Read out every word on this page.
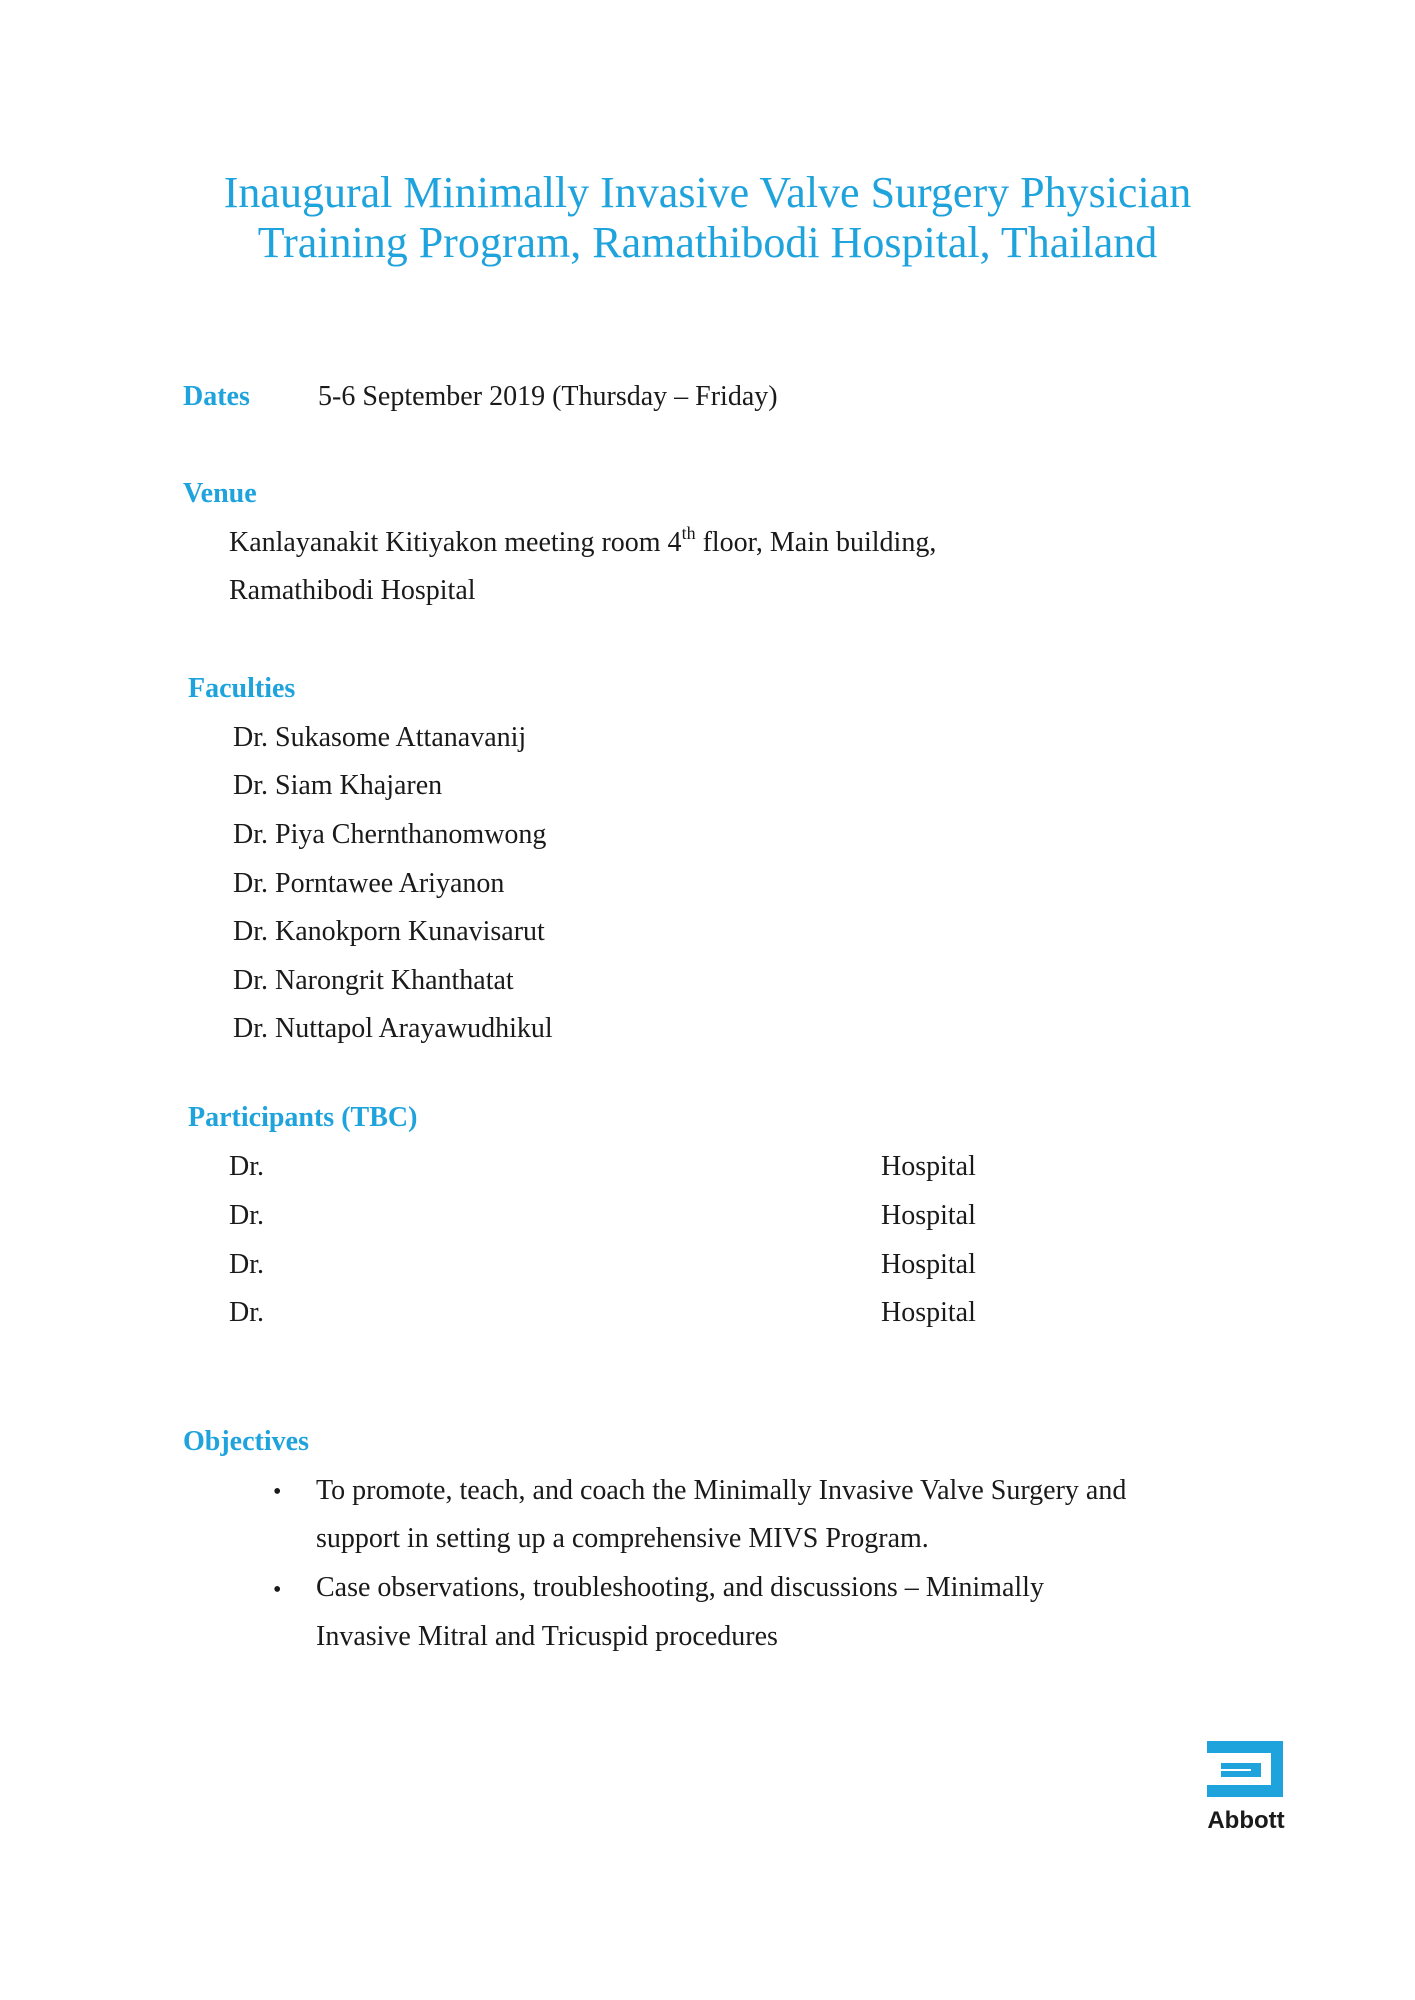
Inaugural Minimally Invasive Valve Surgery Physician
Training Program, Ramathibodi Hospital, Thailand
Dates 5-6 September 2019 (Thursday – Friday)
Venue
Kanlayanakit Kitiyakon meeting room 4th floor, Main building,
Ramathibodi Hospital
Faculties
Dr. Sukasome Attanavanij
Dr. Siam Khajaren
Dr. Piya Chernthanomwong
Dr. Porntawee Ariyanon
Dr. Kanokporn Kunavisarut
Dr. Narongrit Khanthatat
Dr. Nuttapol Arayawudhikul
Participants (TBC)
Dr.	Hospital
Dr.	Hospital
Dr.	Hospital
Dr.	Hospital
Objectives
• To promote, teach, and coach the Minimally Invasive Valve Surgery and
support in setting up a comprehensive MIVS Program.
• Case observations, troubleshooting, and discussions – Minimally
Invasive Mitral and Tricuspid procedures
Abbott
